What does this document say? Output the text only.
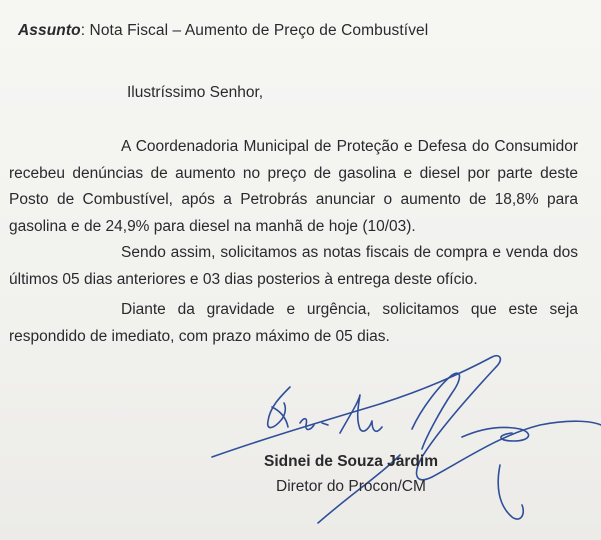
Assunto: Nota Fiscal – Aumento de Preço de Combustível
Ilustríssimo Senhor,
A Coordenadoria Municipal de Proteção e Defesa do Consumidor recebeu denúncias de aumento no preço de gasolina e diesel por parte deste Posto de Combustível, após a Petrobrás anunciar o aumento de 18,8% para gasolina e de 24,9% para diesel na manhã de hoje (10/03).
Sendo assim, solicitamos as notas fiscais de compra e venda dos últimos 05 dias anteriores e 03 dias posterios à entrega deste ofício.
Diante da gravidade e urgência, solicitamos que este seja respondido de imediato, com prazo máximo de 05 dias.
Sidnei de Souza Jardim
Diretor do Procon/CM
